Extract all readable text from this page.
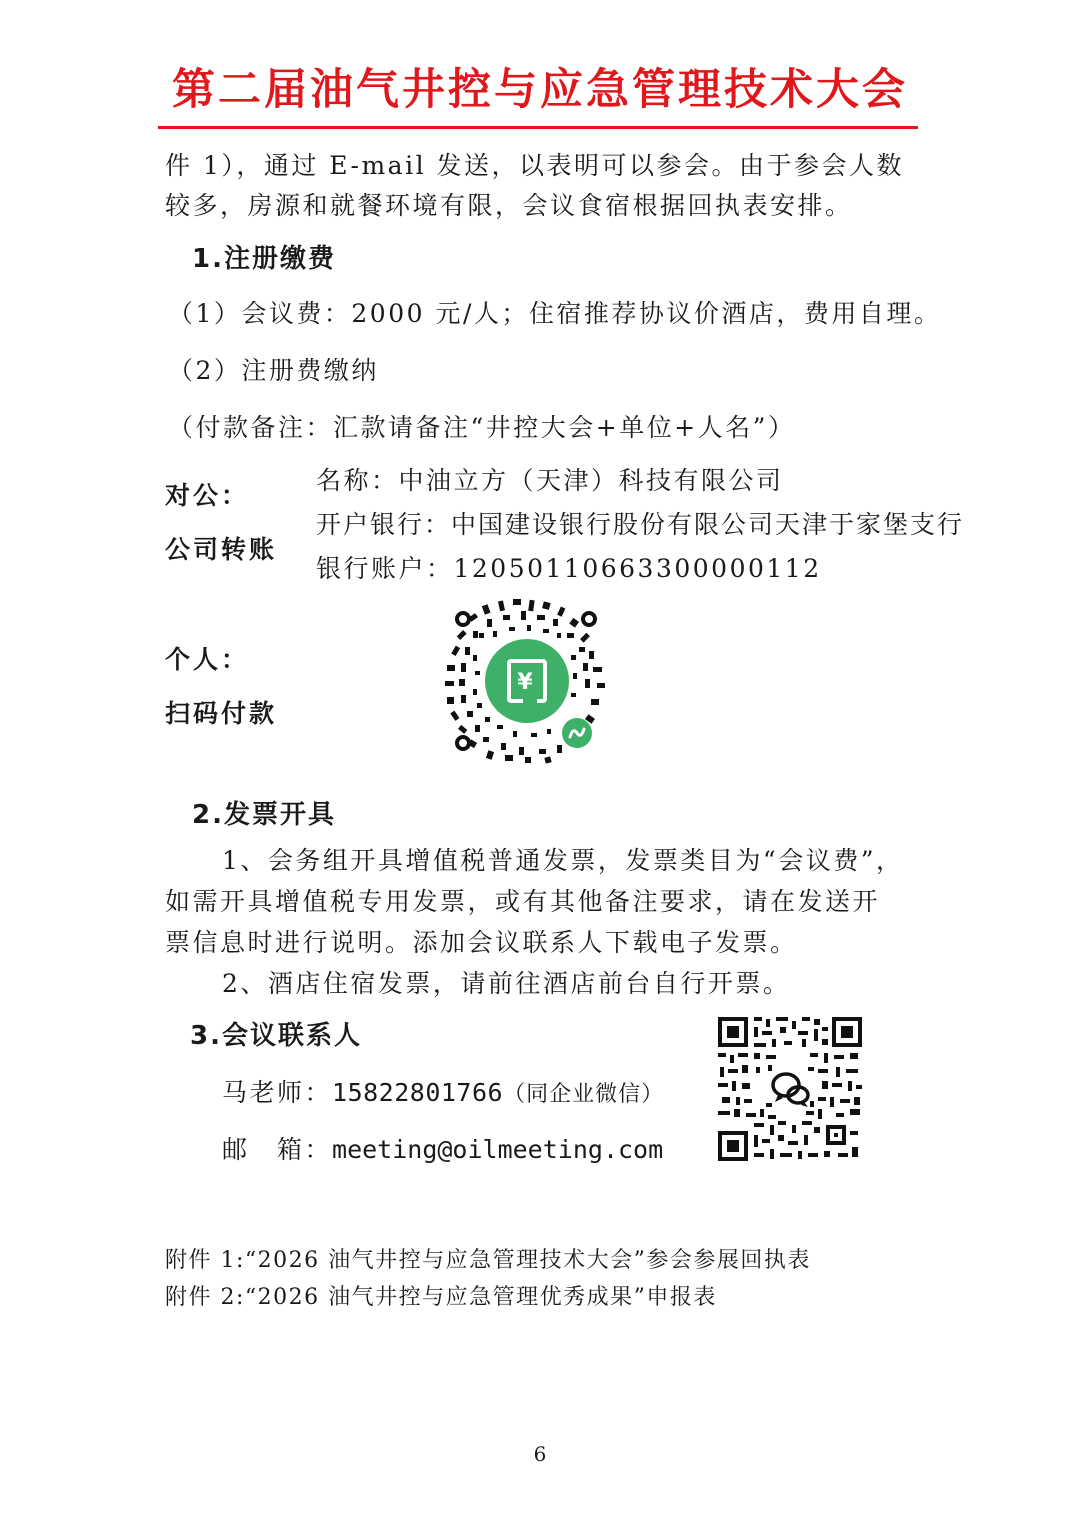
第二届油气井控与应急管理技术大会
件 1），通过 E-mail 发送，以表明可以参会。由于参会人数
较多，房源和就餐环境有限，会议食宿根据回执表安排。
1.注册缴费
（1）会议费：2000 元/人；住宿推荐协议价酒店，费用自理。
（2）注册费缴纳
（付款备注：汇款请备注“井控大会+单位+人名”）
对公：
公司转账
名称：中油立方（天津）科技有限公司
开户银行：中国建设银行股份有限公司天津于家堡支行
银行账户：120501106633000001​12
个人：
扫码付款
¥
2.发票开具
1、会务组开具增值税普通发票，发票类目为“会议费”，
如需开具增值税专用发票，或有其他备注要求，请在发送开
票信息时进行说明。添加会议联系人下载电子发票。
2、酒店住宿发票，请前往酒店前台自行开票。
3.会议联系人
马老师：15822801766（同企业微信）
邮　箱：meeting@oilmeeting.com
附件 1:“2026 油气井控与应急管理技术大会”参会参展回执表
附件 2:“2026 油气井控与应急管理优秀成果”申报表
6
